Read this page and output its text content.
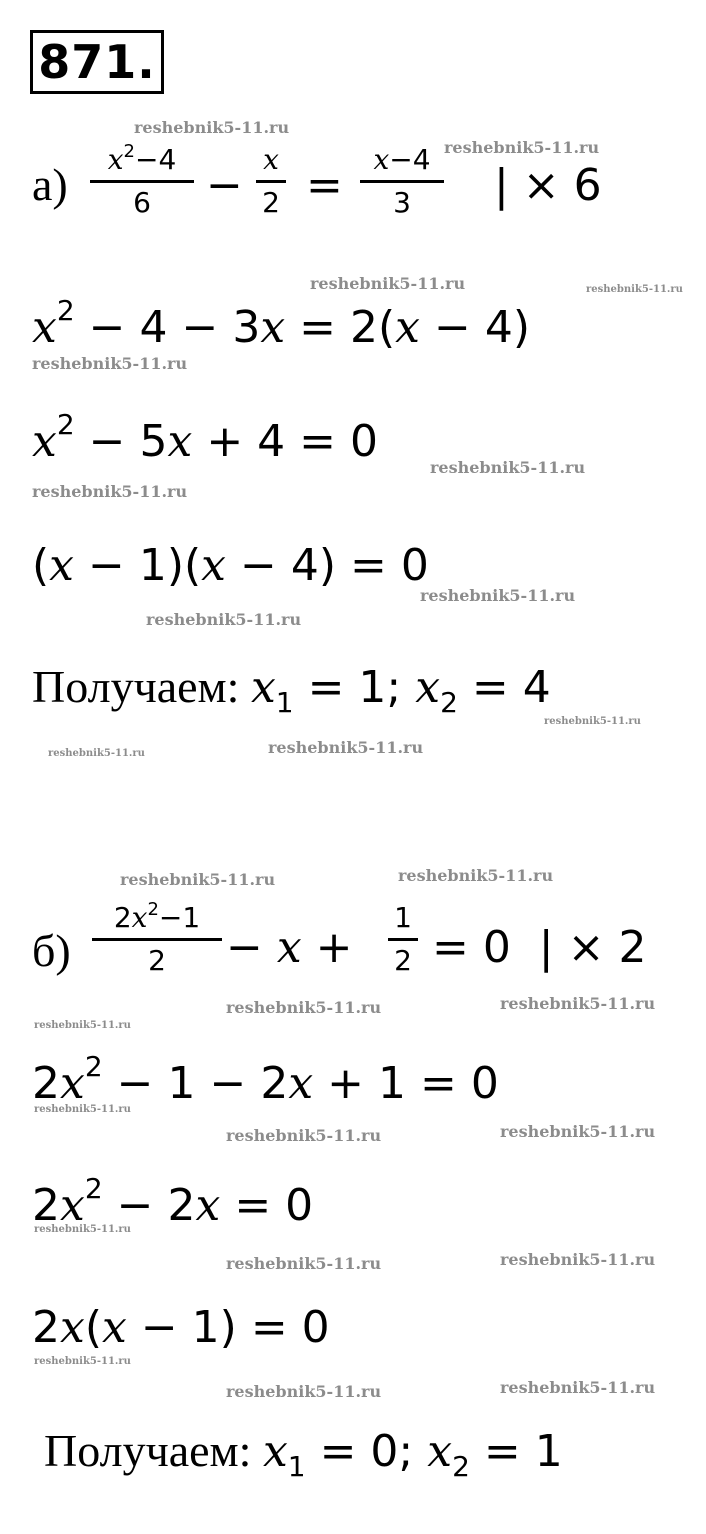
871.
а)	$x^2-4$
6	−
x
2 =
x−4
3	| × 6
$x^2 - 4 - 3x = 2(x - 4)$
$x^2 - 5x + 4 = 0$
(x − 1)(x − 4) = 0
Получаем: $x_1 = 1$; $x_2 = 4$
б)
$2x^2-1$
2	− x +
1
2 = 0  | × 2
$2x^2 - 1 - 2x + 1 = 0$
$2x^2 - 2x = 0$
2x(x − 1) = 0
Получаем: $x_1 = 0$; $x_2 = 1$
reshebnik5-11.ru
reshebnik5-11.ru
reshebnik5-11.ru	reshebnik5-11.ru
reshebnik5-11.ru
reshebnik5-11.ru
reshebnik5-11.ru
reshebnik5-11.ru
reshebnik5-11.ru
reshebnik5-11.ru
reshebnik5-11.ru
reshebnik5-11.ru
reshebnik5-11.ru
reshebnik5-11.ru
reshebnik5-11.ru	reshebnik5-11.ru
reshebnik5-11.ru
reshebnik5-11.ru
reshebnik5-11.ru	reshebnik5-11.ru
reshebnik5-11.ru
reshebnik5-11.ru	reshebnik5-11.ru
reshebnik5-11.ru
reshebnik5-11.ru	reshebnik5-11.ru
